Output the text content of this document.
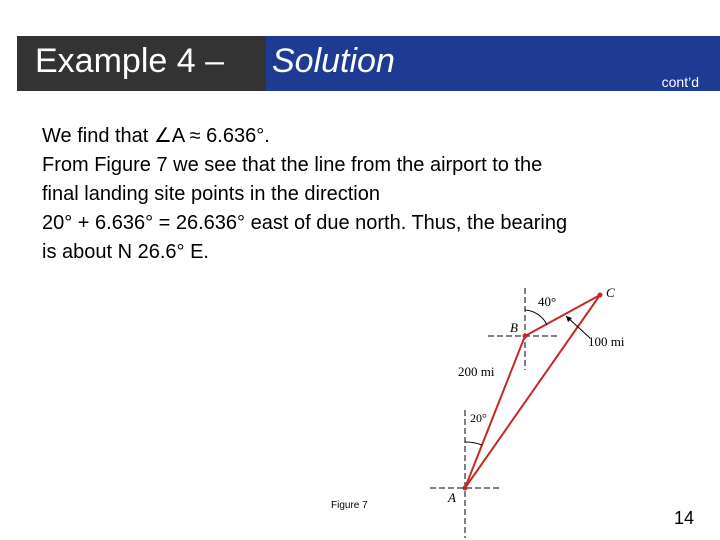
Example 4 – Solution
cont’d
We find that ∠A ≈ 6.636°.
From Figure 7 we see that the line from the airport to the
final landing site points in the direction
20° + 6.636° = 26.636° east of due north. Thus, the bearing
is about N 26.6° E.
A
B
C
40°
20°
100 mi
200 mi
Figure 7
14
